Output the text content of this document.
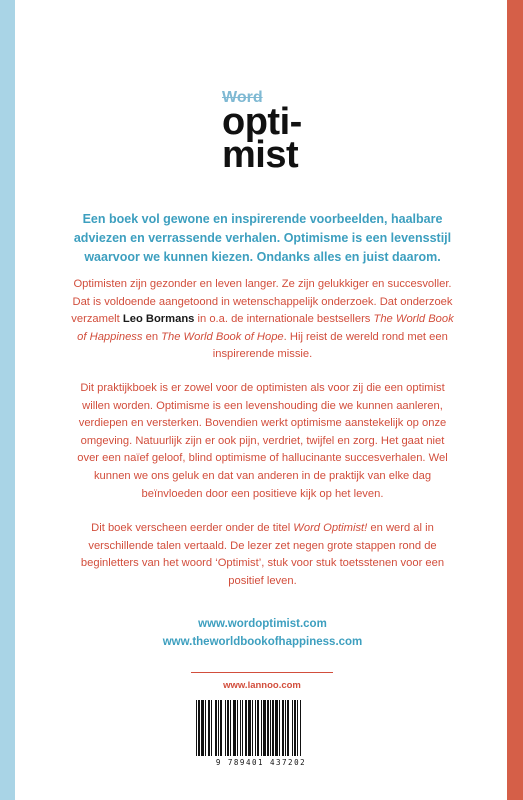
Word
opti-
mist
Een boek vol gewone en inspirerende voorbeelden, haalbare adviezen en verrassende verhalen. Optimisme is een levensstijl waarvoor we kunnen kiezen. Ondanks alles en juist daarom.

Optimisten zijn gezonder en leven langer. Ze zijn gelukkiger en succesvoller. Dat is voldoende aangetoond in wetenschappelijk onderzoek. Dat onderzoek verzamelt Leo Bormans in o.a. de internationale bestsellers The World Book of Happiness en The World Book of Hope. Hij reist de wereld rond met een inspirerende missie.

Dit praktijkboek is er zowel voor de optimisten als voor zij die een optimist willen worden. Optimisme is een levenshouding die we kunnen aanleren, verdiepen en versterken. Bovendien werkt optimisme aanstekelijk op onze omgeving. Natuurlijk zijn er ook pijn, verdriet, twijfel en zorg. Het gaat niet over een naïef geloof, blind optimisme of hallucinante succesverhalen. Wel kunnen we ons geluk en dat van anderen in de praktijk van elke dag beïnvloeden door een positieve kijk op het leven.

Dit boek verscheen eerder onder de titel Word Optimist! en werd al in verschillende talen vertaald. De lezer zet negen grote stappen rond de beginletters van het woord ‘Optimist’, stuk voor stuk toetsstenen voor een positief leven.

www.wordoptimist.com
www.theworldbookofhappiness.com
www.lannoo.com
9 789401 437202
